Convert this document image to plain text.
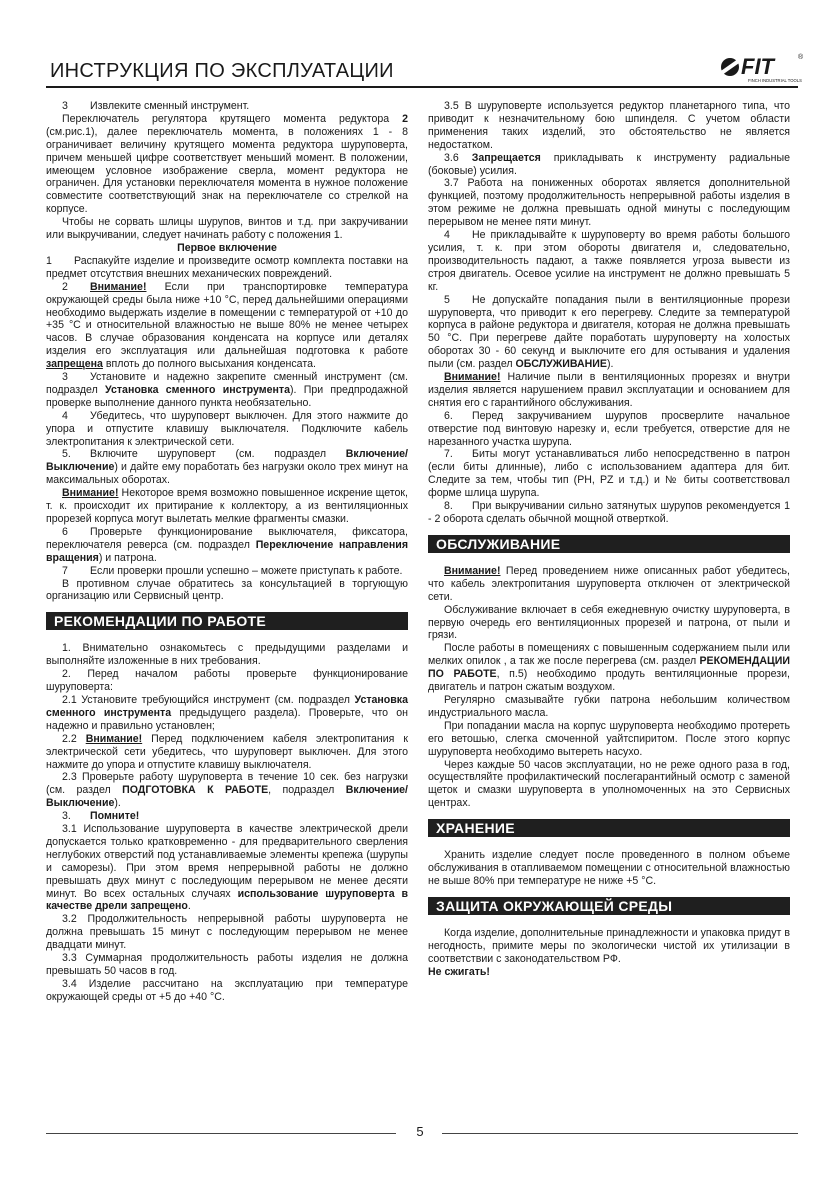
ИНСТРУКЦИЯ ПО ЭКСПЛУАТАЦИИ	FIT	®
FINCH INDUSTRIAL TOOLS

3 Извлеките сменный инструмент.

Переключатель регулятора крутящего момента редуктора 2 (см.рис.1), далее переключатель момента, в положениях 1 - 8 ограничивает величину крутящего момента редуктора шуруповерта, причем меньшей цифре соответствует меньший момент. В положении, имеющем условное изображение сверла, момент редуктора не ограничен. Для установки переключателя момента в нужное положение совместите соответствующий знак на переключателе со стрелкой на корпусе.

Чтобы не сорвать шлицы шурупов, винтов и т.д. при закручивании или выкручивании, следует начинать работу с положения 1.

Первое включение

1 Распакуйте изделие и произведите осмотр комплекта поставки на предмет отсутствия внешних механических повреждений.

2 Внимание! Если при транспортировке температура окружающей среды была ниже +10 °С, перед дальнейшими операциями необходимо выдержать изделие в помещении с температурой от +10 до +35 °С и относительной влажностью не выше 80% не менее четырех часов. В случае образования конденсата на корпусе или деталях изделия его эксплуатация или дальнейшая подготовка к работе запрещена вплоть до полного высыхания конденсата.

3 Установите и надежно закрепите сменный инструмент (см. подраздел Установка сменного инструмента). При предпродажной проверке выполнение данного пункта необязательно.

4 Убедитесь, что шуруповерт выключен. Для этого нажмите до упора и отпустите клавишу выключателя. Подключите кабель электропитания к электрической сети.

5. Включите шуруповерт (см. подраздел Включение/Выключение) и дайте ему поработать без нагрузки около трех минут на максимальных оборотах.

Внимание! Некоторое время возможно повышенное искрение щеток, т. к. происходит их притирание к коллектору, а из вентиляционных прорезей корпуса могут вылетать мелкие фрагменты смазки.

6 Проверьте функционирование выключателя, фиксатора, переключателя реверса (см. подраздел Переключение направления вращения) и патрона.

7 Если проверки прошли успешно – можете приступать к работе.

В противном случае обратитесь за консультацией в торгующую организацию или Сервисный центр.

РЕКОМЕНДАЦИИ ПО РАБОТЕ

1. Внимательно ознакомьтесь с предыдущими разделами и выполняйте изложенные в них требования.

2. Перед началом работы проверьте функционирование шуруповерта:

2.1 Установите требующийся инструмент (см. подраздел Установка сменного инструмента предыдущего раздела). Проверьте, что он надежно и правильно установлен;

2.2 Внимание! Перед подключением кабеля электропитания к электрической сети убедитесь, что шуруповерт выключен. Для этого нажмите до упора и отпустите клавишу выключателя.

2.3 Проверьте работу шуруповерта в течение 10 сек. без нагрузки (см. раздел ПОДГОТОВКА К РАБОТЕ, подраздел Включение/Выключение).

3. Помните!

3.1 Использование шуруповерта в качестве электрической дрели допускается только кратковременно - для предварительного сверления неглубоких отверстий под устанавливаемые элементы крепежа (шурупы и саморезы). При этом время непрерывной работы не должно превышать двух минут с последующим перерывом не менее десяти минут. Во всех остальных случаях использование шуруповерта в качестве дрели запрещено.

3.2 Продолжительность непрерывной работы шуруповерта не должна превышать 15 минут с последующим перерывом не менее двадцати минут.

3.3 Суммарная продолжительность работы изделия не должна превышать 50 часов в год.

3.4 Изделие рассчитано на эксплуатацию при температуре окружающей среды от +5 до +40 °С.

3.5 В шуруповерте используется редуктор планетарного типа, что приводит к незначительному бою шпинделя. С учетом области применения таких изделий, это обстоятельство не является недостатком.

3.6 Запрещается прикладывать к инструменту радиальные (боковые) усилия.

3.7 Работа на пониженных оборотах является дополнительной функцией, поэтому продолжительность непрерывной работы изделия в этом режиме не должна превышать одной минуты с последующим перерывом не менее пяти минут.

4 Не прикладывайте к шуруповерту во время работы большого усилия, т. к. при этом обороты двигателя и, следовательно, производительность падают, а также появляется угроза вывести из строя двигатель. Осевое усилие на инструмент не должно превышать 5 кг.

5 Не допускайте попадания пыли в вентиляционные прорези шуруповерта, что приводит к его перегреву. Следите за температурой корпуса в районе редуктора и двигателя, которая не должна превышать 50 °С. При перегреве дайте поработать шуруповерту на холостых оборотах 30 - 60 секунд и выключите его для остывания и удаления пыли (см. раздел ОБСЛУЖИВАНИЕ).

Внимание! Наличие пыли в вентиляционных прорезях и внутри изделия является нарушением правил эксплуатации и основанием для снятия его с гарантийного обслуживания.

6. Перед закручиванием шурупов просверлите начальное отверстие под винтовую нарезку и, если требуется, отверстие для не нарезанного участка шурупа.

7. Биты могут устанавливаться либо непосредственно в патрон (если биты длинные), либо с использованием адаптера для бит. Следите за тем, чтобы тип (PH, PZ и т.д.) и № биты соответствовал форме шлица шурупа.

8. При выкручивании сильно затянутых шурупов рекомендуется 1 - 2 оборота сделать обычной мощной отверткой.

ОБСЛУЖИВАНИЕ

Внимание! Перед проведением ниже описанных работ убедитесь, что кабель электропитания шуруповерта отключен от электрической сети.

Обслуживание включает в себя ежедневную очистку шуруповерта, в первую очередь его вентиляционных прорезей и патрона, от пыли и грязи.

После работы в помещениях с повышенным содержанием пыли или мелких опилок , а так же после перегрева (см. раздел РЕКОМЕНДАЦИИ ПО РАБОТЕ, п.5) необходимо продуть вентиляционные прорези, двигатель и патрон сжатым воздухом.

Регулярно смазывайте губки патрона небольшим количеством индустриального масла.

При попадании масла на корпус шуруповерта необходимо протереть его ветошью, слегка смоченной уайтспиритом. После этого корпус шуруповерта необходимо вытереть насухо.

Через каждые 50 часов эксплуатации, но не реже одного раза в год, осуществляйте профилактический послегарантийный осмотр с заменой щеток и смазки шуруповерта в уполномоченных на это Сервисных центрах.

ХРАНЕНИЕ

Хранить изделие следует после проведенного в полном объеме обслуживания в отапливаемом помещении с относительной влажностью не выше 80% при температуре не ниже +5 °С.

ЗАЩИТА ОКРУЖАЮЩЕЙ СРЕДЫ

Когда изделие, дополнительные принадлежности и упаковка придут в негодность, примите меры по экологически чистой их утилизации в соответствии с законодательством РФ.

Не сжигать!

5
